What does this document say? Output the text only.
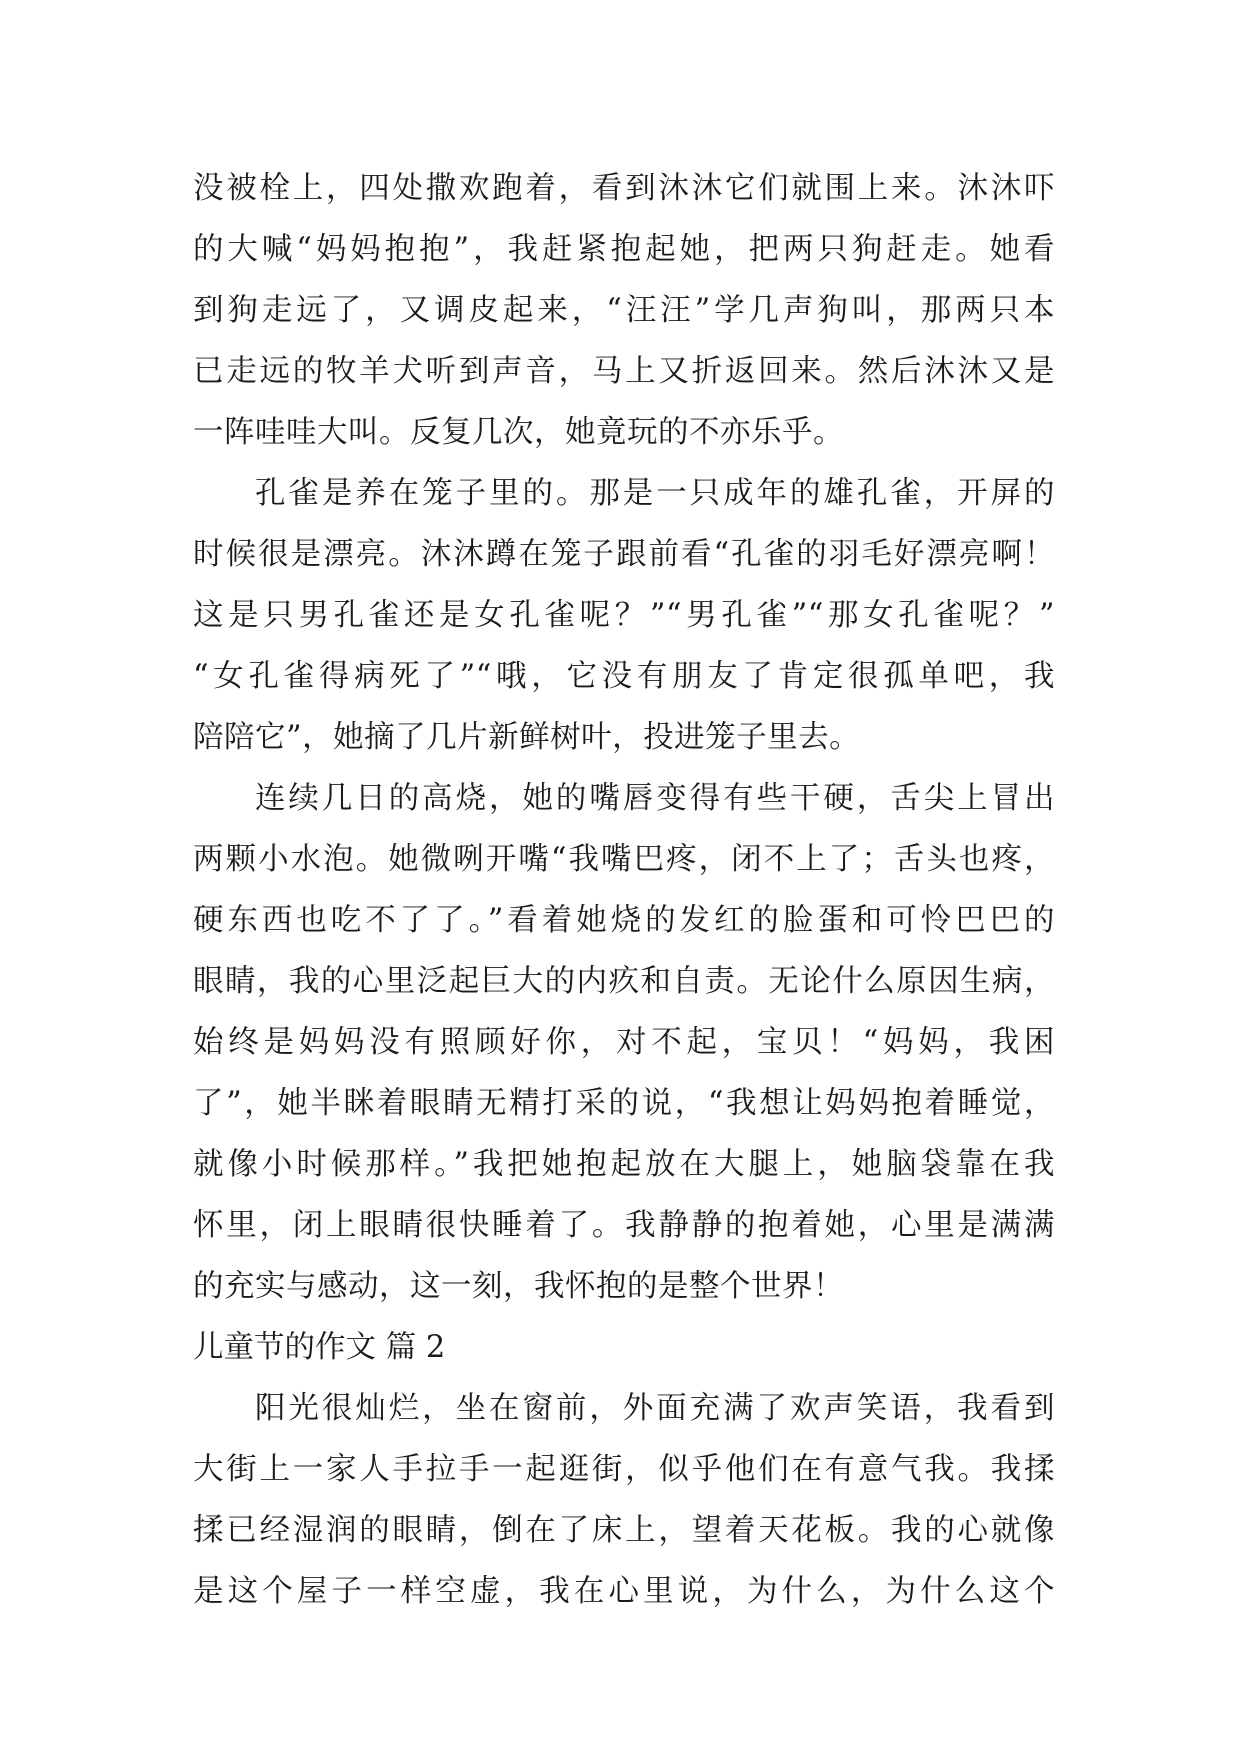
没被栓上，四处撒欢跑着，看到沐沐它们就围上来。沐沐吓
的大喊“妈妈抱抱”，我赶紧抱起她，把两只狗赶走。她看
到狗走远了，又调皮起来，“汪汪”学几声狗叫，那两只本
已走远的牧羊犬听到声音，马上又折返回来。然后沐沐又是
一阵哇哇大叫。反复几次，她竟玩的不亦乐乎。
孔雀是养在笼子里的。那是一只成年的雄孔雀，开屏的
时候很是漂亮。沐沐蹲在笼子跟前看“孔雀的羽毛好漂亮啊！
这是只男孔雀还是女孔雀呢？”“男孔雀”“那女孔雀呢？”
“女孔雀得病死了”“哦，它没有朋友了肯定很孤单吧，我
陪陪它”，她摘了几片新鲜树叶，投进笼子里去。
连续几日的高烧，她的嘴唇变得有些干硬，舌尖上冒出
两颗小水泡。她微咧开嘴“我嘴巴疼，闭不上了；舌头也疼，
硬东西也吃不了了。”看着她烧的发红的脸蛋和可怜巴巴的
眼睛，我的心里泛起巨大的内疚和自责。无论什么原因生病，
始终是妈妈没有照顾好你，对不起，宝贝！“妈妈，我困
了”，她半眯着眼睛无精打采的说，“我想让妈妈抱着睡觉，
就像小时候那样。”我把她抱起放在大腿上，她脑袋靠在我
怀里，闭上眼睛很快睡着了。我静静的抱着她，心里是满满
的充实与感动，这一刻，我怀抱的是整个世界！
儿童节的作文 篇 2
阳光很灿烂，坐在窗前，外面充满了欢声笑语，我看到
大街上一家人手拉手一起逛街，似乎他们在有意气我。我揉
揉已经湿润的眼睛，倒在了床上，望着天花板。我的心就像
是这个屋子一样空虚，我在心里说，为什么，为什么这个
